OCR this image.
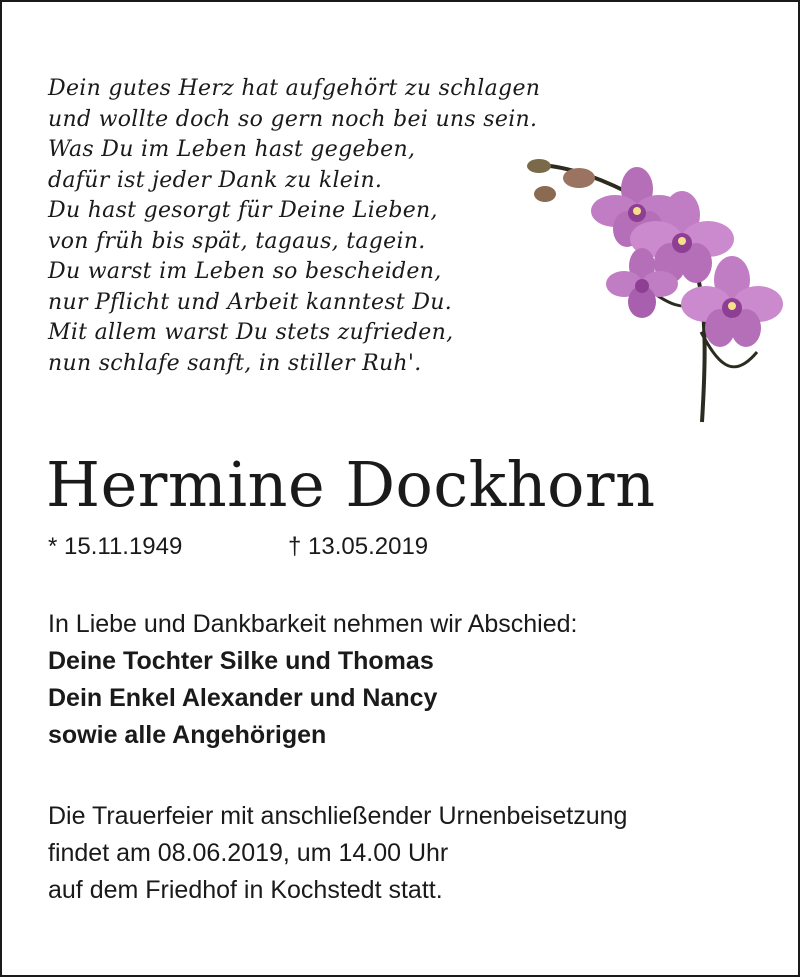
Dein gutes Herz hat aufgehört zu schlagen
und wollte doch so gern noch bei uns sein.
Was Du im Leben hast gegeben,
dafür ist jeder Dank zu klein.
Du hast gesorgt für Deine Lieben,
von früh bis spät, tagaus, tagein.
Du warst im Leben so bescheiden,
nur Pflicht und Arbeit kanntest Du.
Mit allem warst Du stets zufrieden,
nun schlafe sanft, in stiller Ruh'.
Hermine Dockhorn
* 15.11.1949	† 13.05.2019
In Liebe und Dankbarkeit nehmen wir Abschied:
Deine Tochter Silke und Thomas
Dein Enkel Alexander und Nancy
sowie alle Angehörigen
Die Trauerfeier mit anschließender Urnenbeisetzung
findet am 08.06.2019, um 14.00 Uhr
auf dem Friedhof in Kochstedt statt.
